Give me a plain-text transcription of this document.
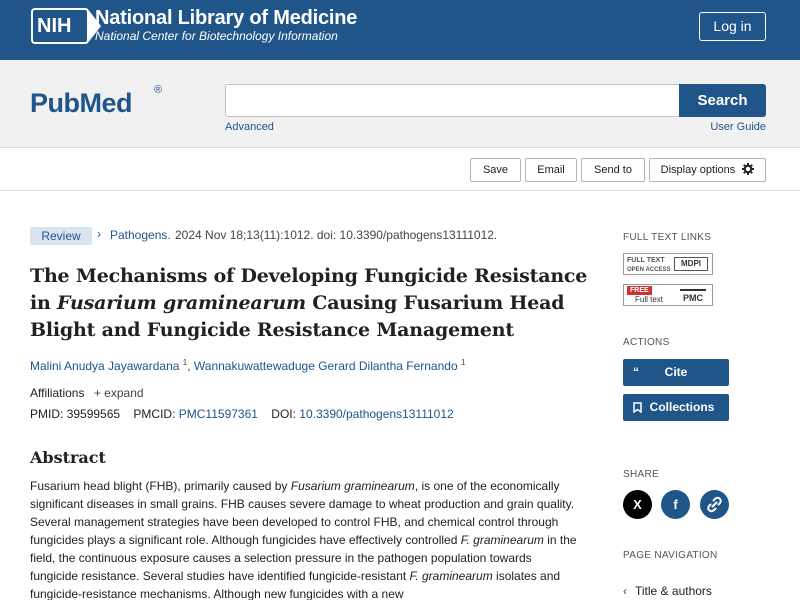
NIH	National Library of Medicine
National Center for Biotechnology Information
Log in
PubMed ®
Search
Advanced	User Guide
Save	Email	Send to	Display options
Review	› Pathogens. 2024 Nov 18;13(11):1012. doi: 10.3390/pathogens13111012.
The Mechanisms of Developing Fungicide Resistance
in Fusarium graminearum Causing Fusarium Head
Blight and Fungicide Resistance Management
Malini Anudya Jayawardana $^1$, Wannakuwattewaduge Gerard Dilantha Fernando $^1$
Affiliations + expand
PMID: 39599565 PMCID: PMC11597361 DOI: 10.3390/pathogens13111012
Abstract

Fusarium head blight (FHB), primarily caused by Fusarium graminearum, is one of the economically significant diseases in small grains. FHB causes severe damage to wheat production and grain quality. Several management strategies have been developed to control FHB, and chemical control through fungicides plays a significant role. Although fungicides have effectively controlled F. graminearum in the field, the continuous exposure causes a selection pressure in the pathogen population towards fungicide resistance. Several studies have identified fungicide-resistant F. graminearum isolates and fungicide-resistance mechanisms. Although new fungicides with a new

FULL TEXT LINKS
FULL TEXT
OPEN ACCESS
MDPI
FREE
Full text	PMC
ACTIONS
“	Cite
Collections
SHARE
X	f
PAGE NAVIGATION
‹ Title & authors
